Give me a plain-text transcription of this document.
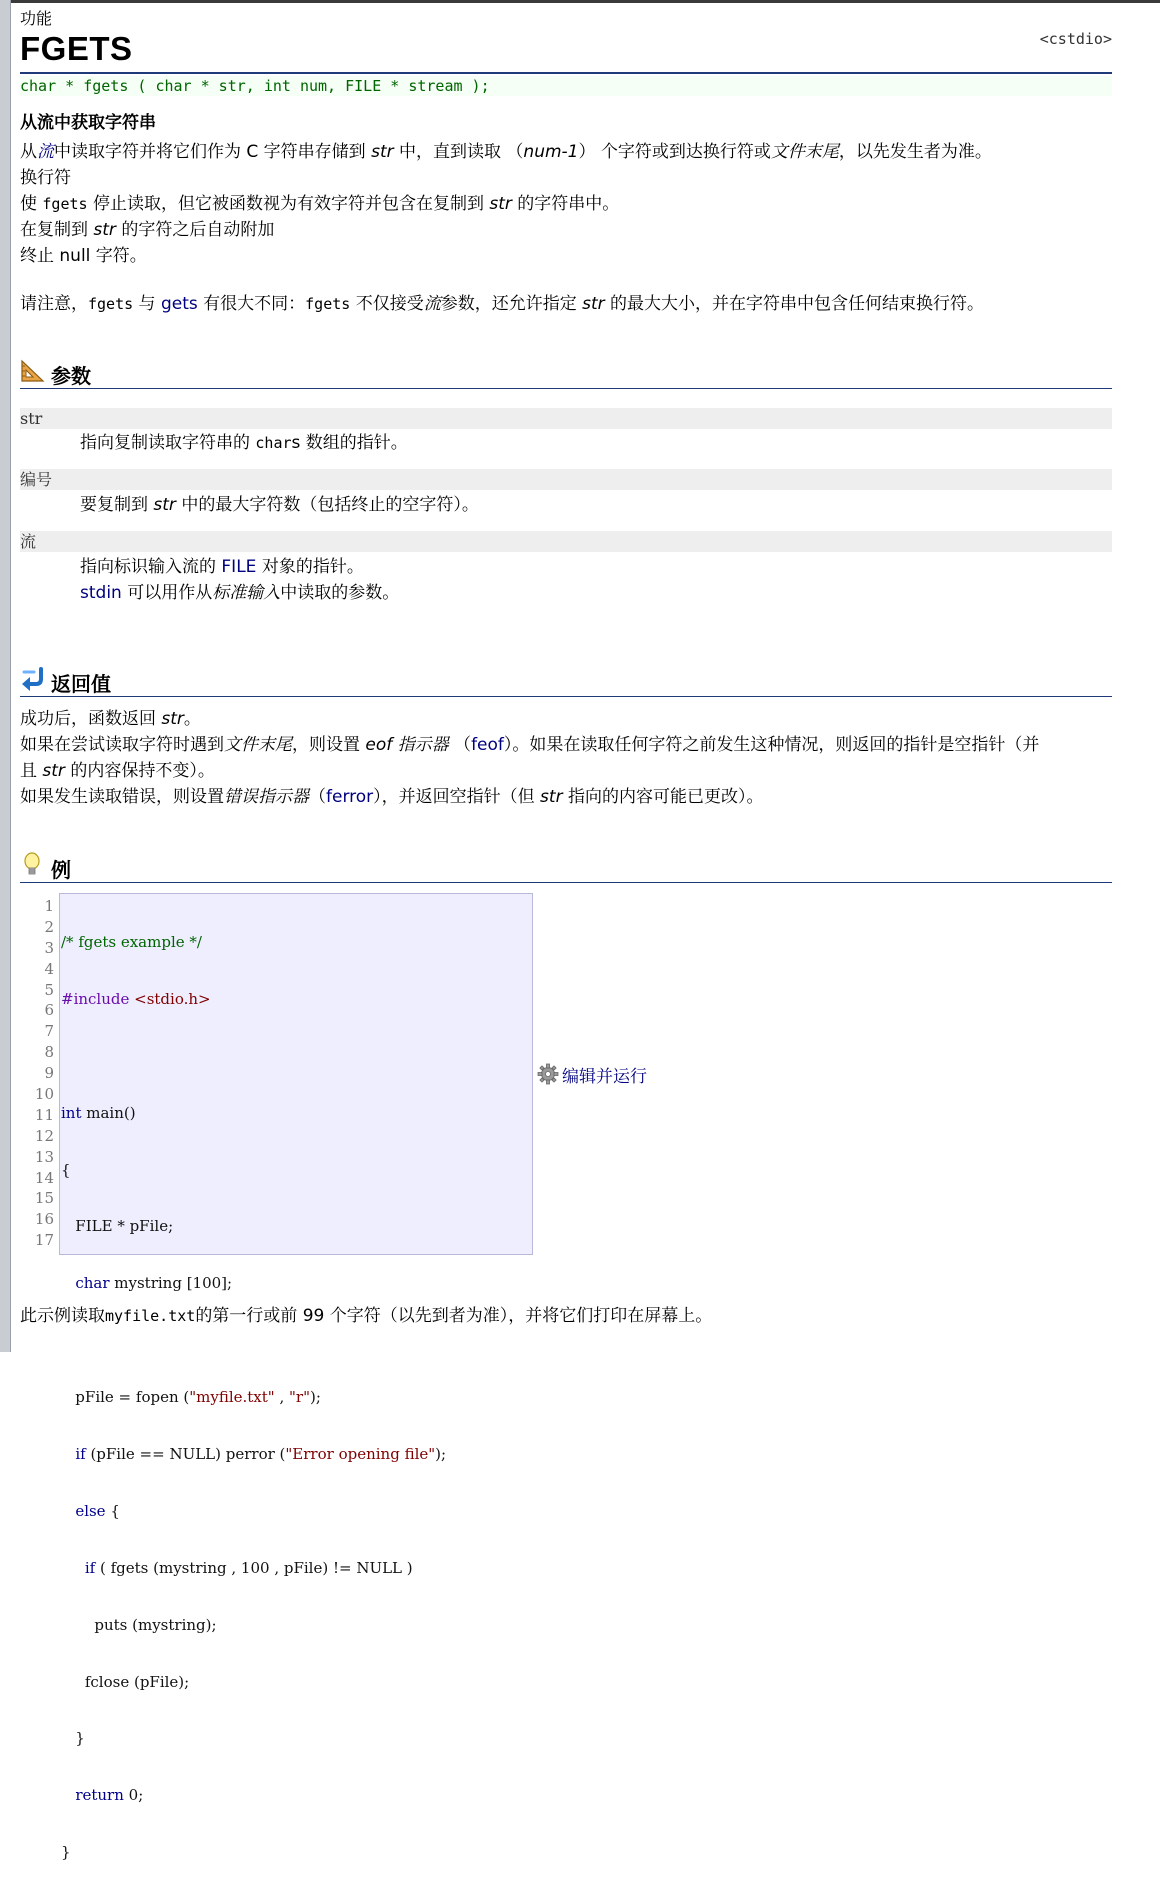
功能
FGETS	<cstdio>
char * fgets ( char * str, int num, FILE * stream );
从流中获取字符串
从流中读取字符并将它们作为 C 字符串存储到 str 中，直到读取 （num-1） 个字符或到达换行符或文件末尾，以先发生者为准。
换行符
使 fgets 停止读取，但它被函数视为有效字符并包含在复制到 str 的字符串中。
在复制到 str 的字符之后自动附加
终止 null 字符。
请注意，fgets 与 gets 有很大不同：fgets 不仅接受流参数，还允许指定 str 的最大大小，并在字符串中包含任何结束换行符。
参数
str
指向复制读取字符串的 chars 数组的指针。
编号
要复制到 str 中的最大字符数（包括终止的空字符）。
流
指向标识输入流的 FILE 对象的指针。
stdin 可以用作从标准输入中读取的参数。
返回值
成功后，函数返回 str。
如果在尝试读取字符时遇到文件末尾，则设置 eof 指示器 （feof）。如果在读取任何字符之前发生这种情况，则返回的指针是空指针（并
且 str 的内容保持不变）。
如果发生读取错误，则设置错误指示器（ferror），并返回空指针（但 str 指向的内容可能已更改）。
例
1
2
3
4
5
6
7
8
9
10
11
12
13
14
15
16
17

/* fgets example */

#include <stdio.h>

int main()

{

FILE * pFile;

char mystring [100];

pFile = fopen ("myfile.txt" , "r");

if (pFile == NULL) perror ("Error opening file");

else {

if ( fgets (mystring , 100 , pFile) != NULL )

puts (mystring);

fclose (pFile);

}

return 0;

}

编辑并运行
此示例读取myfile.txt的第一行或前 99 个字符（以先到者为准），并将它们打印在屏幕上。
